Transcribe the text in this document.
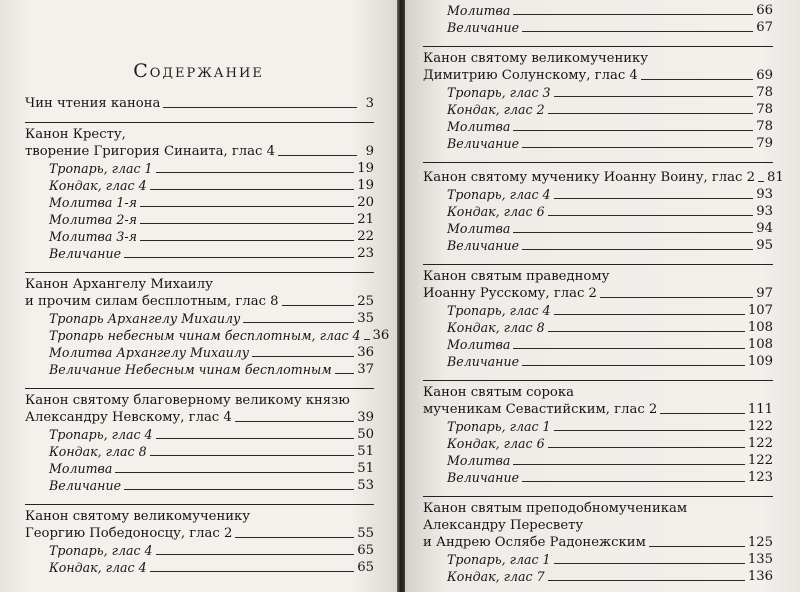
Содержание
Чин чтения канона	3
Канон Кресту,
творение Григория Синаита, глас 4	9
Тропарь, глас 1	19
Кондак, глас 4	19
Молитва 1-я	20
Молитва 2-я	21
Молитва 3-я	22
Величание	23
Канон Архангелу Михаилу
и прочим силам бесплотным, глас 8	25
Тропарь Архангелу Михаилу	35
Тропарь небесным чинам бесплотным, глас 4 36
Молитва Архангелу Михаилу	36
Величание Небесным чинам бесплотным 37
Канон святому благоверному великому князю
Александру Невскому, глас 4	39
Тропарь, глас 4	50
Кондак, глас 8	51
Молитва	51
Величание	53
Канон святому великомученику
Георгию Победоносцу, глас 2	55
Тропарь, глас 4	65
Кондак, глас 4	65
Молитва	66
Величание	67
Канон святому великомученику
Димитрию Солунскому, глас 4	69
Тропарь, глас 3	78
Кондак, глас 2	78
Молитва	78
Величание	79
Канон святому мученику Иоанну Воину, глас 2 81
Тропарь, глас 4	93
Кондак, глас 6	93
Молитва	94
Величание	95
Канон святым праведному
Иоанну Русскому, глас 2	97
Тропарь, глас 4	107
Кондак, глас 8	108
Молитва	108
Величание	109
Канон святым сорока
мученикам Севастийским, глас 2	111
Тропарь, глас 1	122
Кондак, глас 6	122
Молитва	122
Величание	123
Канон святым преподобномученикам
Александру Пересвету
и Андрею Ослябе Радонежским	125
Тропарь, глас 1	135
Кондак, глас 7	136
